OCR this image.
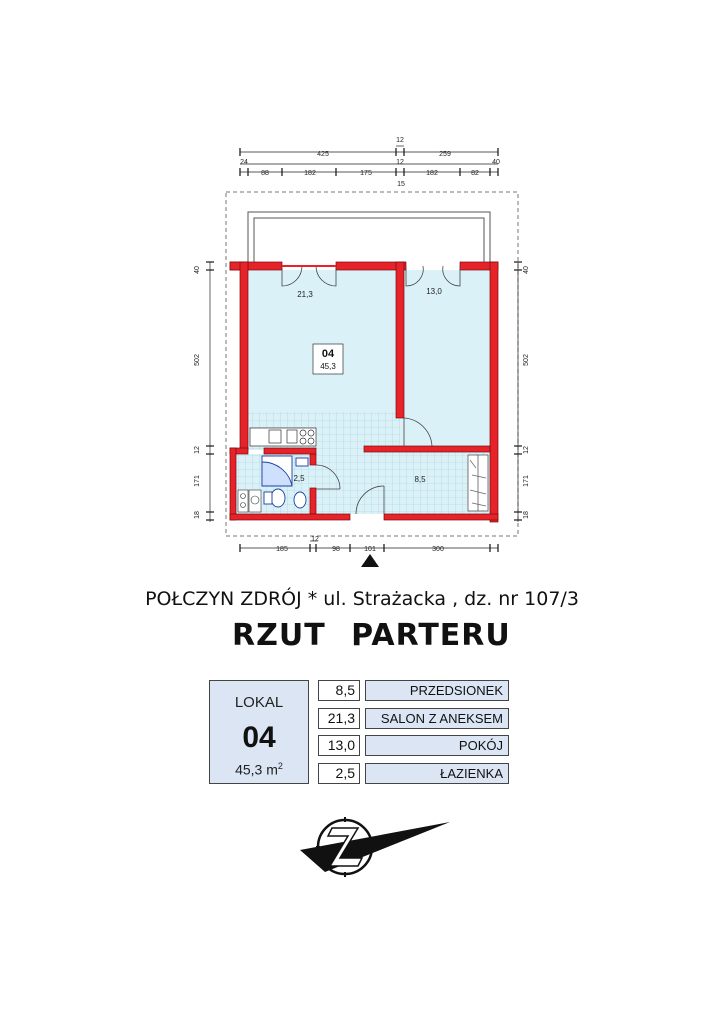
12
425	259
24	12	40
88	182	175	182	82
15
40
502
12
171
18
40
502
12
171
18
12
185	98	101	300
21,3	13,0
2,5	8,5
04
45,3
POŁCZYN ZDRÓJ * ul. Strażacka , dz. nr 107/3
RZUT PARTERU
LOKAL
04
45,3 $m^2$
8,5	PRZEDSIONEK
21,3	SALON Z ANEKSEM
13,0	POKÓJ
2,5	ŁAZIENKA
